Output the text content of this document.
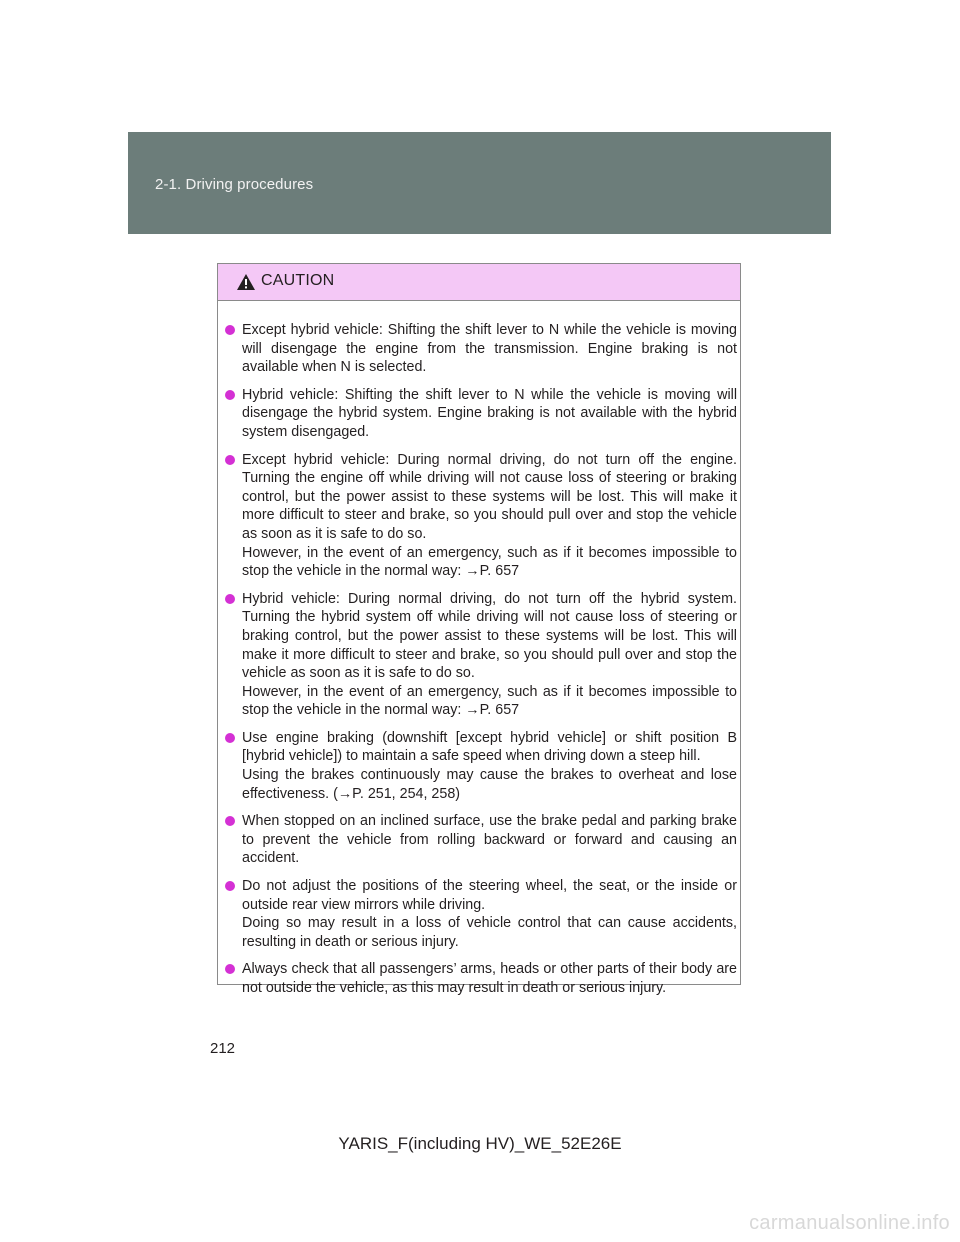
2-1. Driving procedures
CAUTION
Except hybrid vehicle: Shifting the shift lever to N while the vehicle is moving will disengage the engine from the transmission. Engine braking is not available when N is selected.
Hybrid vehicle: Shifting the shift lever to N while the vehicle is moving will disengage the hybrid system. Engine braking is not available with the hybrid system disengaged.
Except hybrid vehicle: During normal driving, do not turn off the engine. Turning the engine off while driving will not cause loss of steering or braking control, but the power assist to these systems will be lost. This will make it more difficult to steer and brake, so you should pull over and stop the vehicle as soon as it is safe to do so.
However, in the event of an emergency, such as if it becomes impossible to stop the vehicle in the normal way: →P. 657
Hybrid vehicle: During normal driving, do not turn off the hybrid system. Turning the hybrid system off while driving will not cause loss of steering or braking control, but the power assist to these systems will be lost. This will make it more difficult to steer and brake, so you should pull over and stop the vehicle as soon as it is safe to do so.
However, in the event of an emergency, such as if it becomes impossible to stop the vehicle in the normal way: →P. 657
Use engine braking (downshift [except hybrid vehicle] or shift position B [hybrid vehicle]) to maintain a safe speed when driving down a steep hill.
Using the brakes continuously may cause the brakes to overheat and lose effectiveness. (→P. 251, 254, 258)
When stopped on an inclined surface, use the brake pedal and parking brake to prevent the vehicle from rolling backward or forward and causing an accident.
Do not adjust the positions of the steering wheel, the seat, or the inside or outside rear view mirrors while driving.
Doing so may result in a loss of vehicle control that can cause accidents, resulting in death or serious injury.
Always check that all passengers’ arms, heads or other parts of their body are not outside the vehicle, as this may result in death or serious injury.
212
YARIS_F(including HV)_WE_52E26E
carmanualsonline.info
